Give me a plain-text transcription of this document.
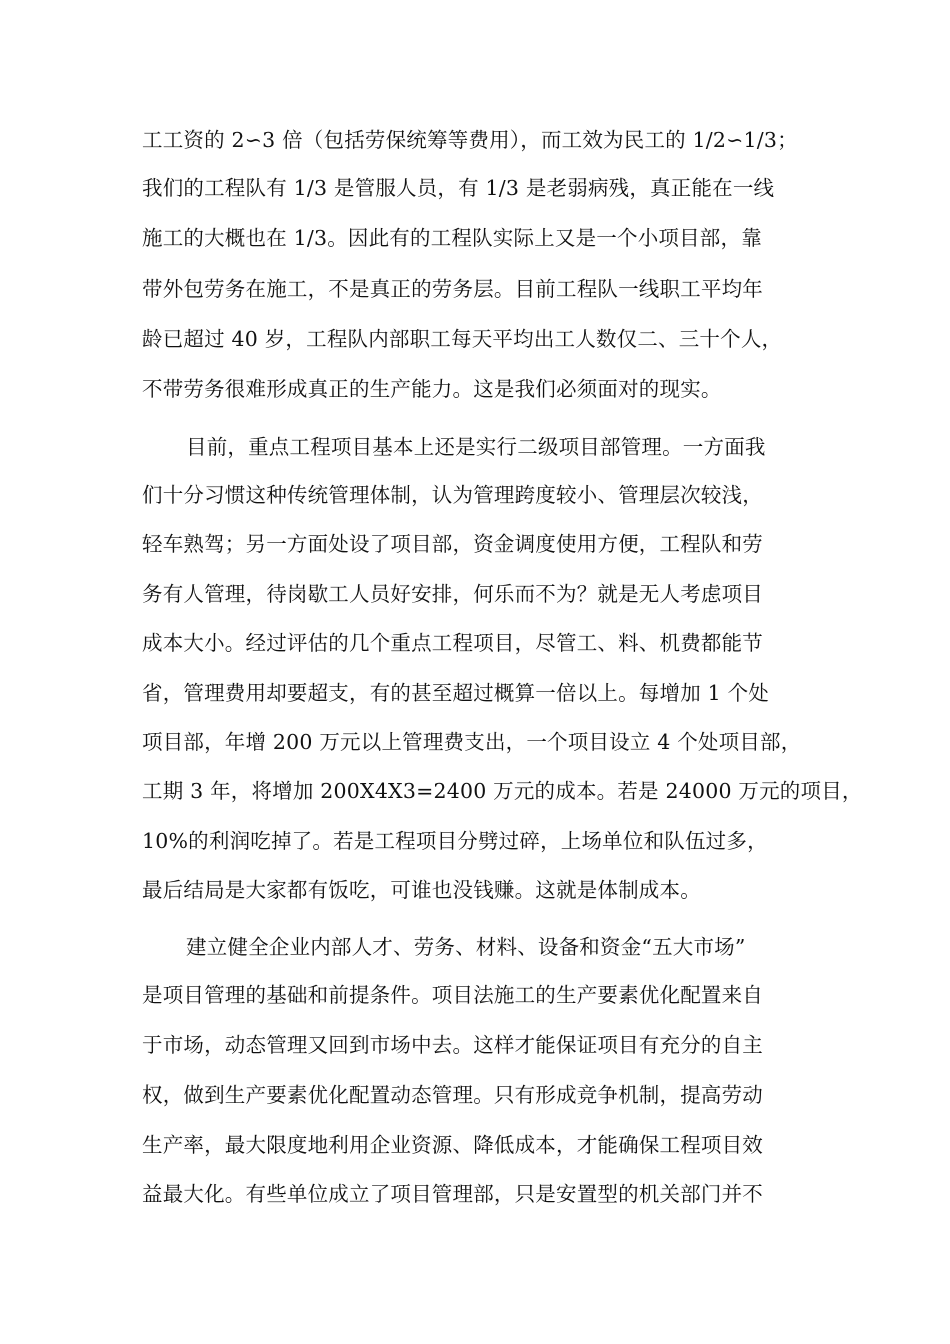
工工资的 2∽3 倍（包括劳保统筹等费用），而工效为民工的 1/2∽1/3；
我们的工程队有 1/3 是管服人员，有 1/3 是老弱病残，真正能在一线
施工的大概也在 1/3。因此有的工程队实际上又是一个小项目部，靠
带外包劳务在施工，不是真正的劳务层。目前工程队一线职工平均年
龄已超过 40 岁，工程队内部职工每天平均出工人数仅二、三十个人，
不带劳务很难形成真正的生产能力。这是我们必须面对的现实。
目前，重点工程项目基本上还是实行二级项目部管理。一方面我
们十分习惯这种传统管理体制，认为管理跨度较小、管理层次较浅，
轻车熟驾；另一方面处设了项目部，资金调度使用方便，工程队和劳
务有人管理，待岗歇工人员好安排，何乐而不为？就是无人考虑项目
成本大小。经过评估的几个重点工程项目，尽管工、料、机费都能节
省，管理费用却要超支，有的甚至超过概算一倍以上。每增加 1 个处
项目部，年增 200 万元以上管理费支出，一个项目设立 4 个处项目部，
工期 3 年，将增加 200X4X3=2400 万元的成本。若是 24000 万元的项目，
10%的利润吃掉了。若是工程项目分劈过碎，上场单位和队伍过多，
最后结局是大家都有饭吃，可谁也没钱赚。这就是体制成本。
建立健全企业内部人才、劳务、材料、设备和资金“五大市场”
是项目管理的基础和前提条件。项目法施工的生产要素优化配置来自
于市场，动态管理又回到市场中去。这样才能保证项目有充分的自主
权，做到生产要素优化配置动态管理。只有形成竞争机制，提高劳动
生产率，最大限度地利用企业资源、降低成本，才能确保工程项目效
益最大化。有些单位成立了项目管理部，只是安置型的机关部门并不
